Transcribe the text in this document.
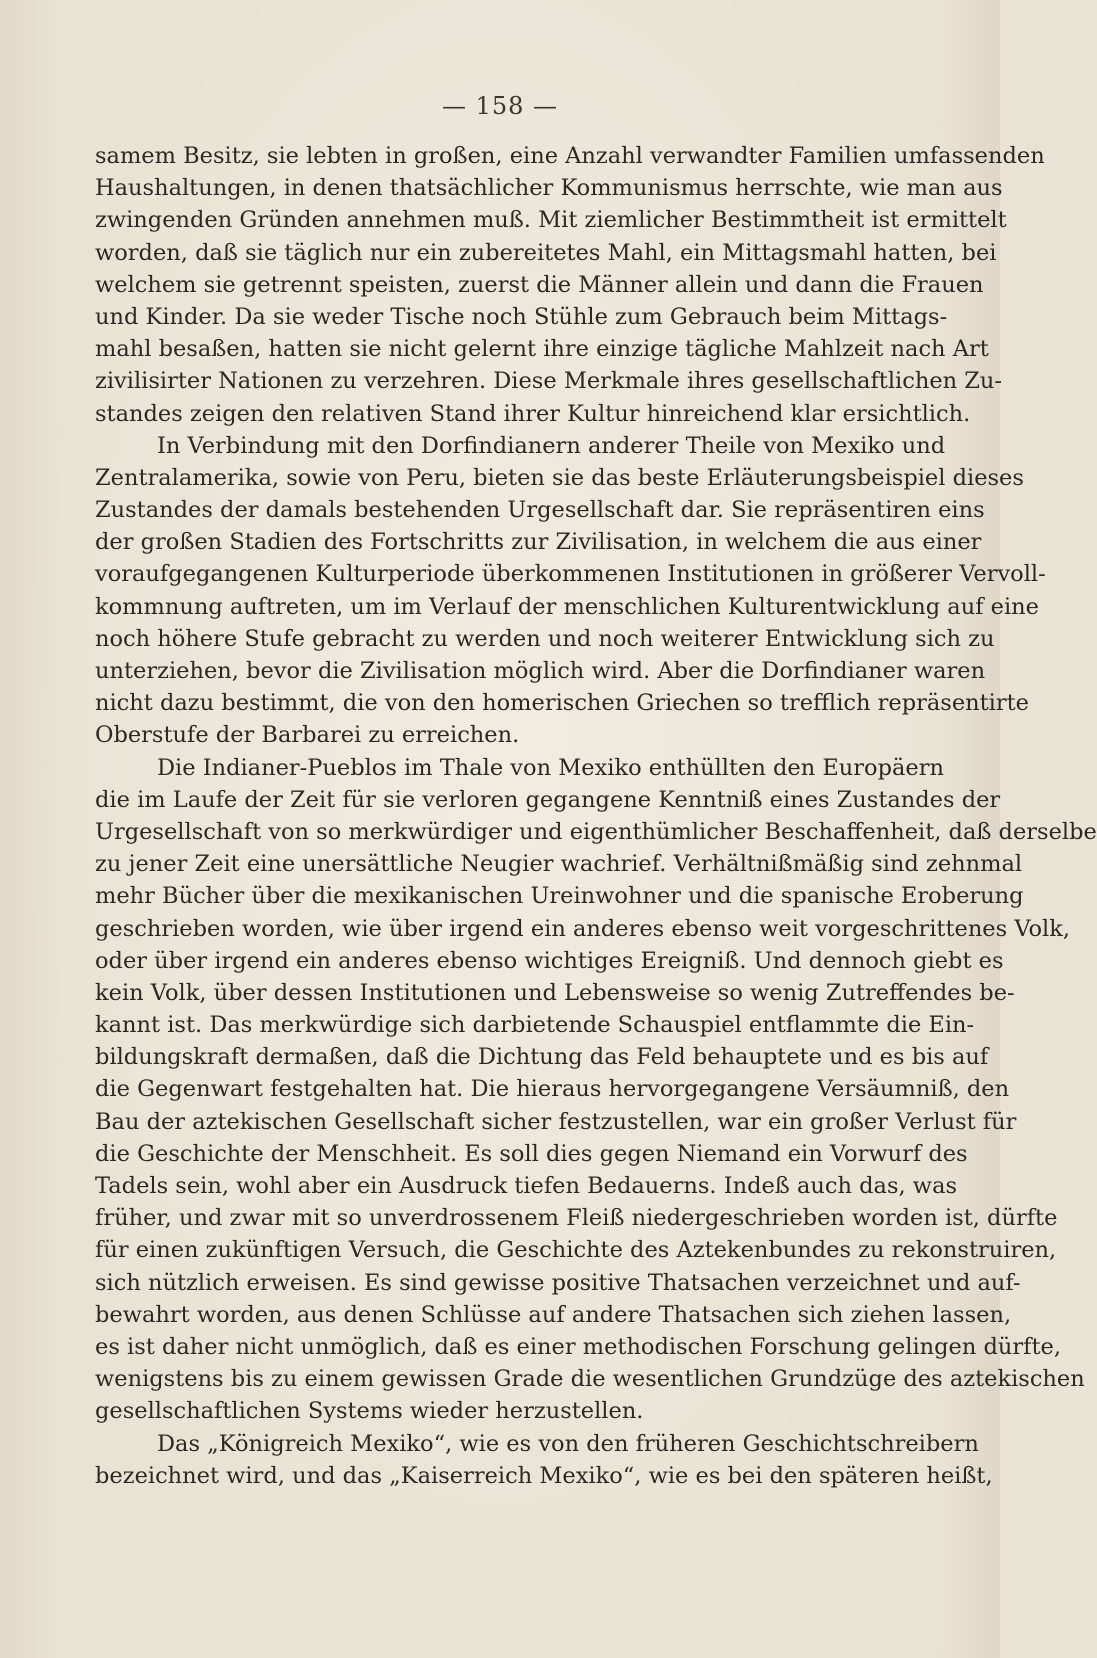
— 158 —
samem Besitz, sie lebten in großen, eine Anzahl verwandter Familien umfassenden
Haushaltungen, in denen thatsächlicher Kommunismus herrschte, wie man aus
zwingenden Gründen annehmen muß. Mit ziemlicher Bestimmtheit ist ermittelt
worden, daß sie täglich nur ein zubereitetes Mahl, ein Mittagsmahl hatten, bei
welchem sie getrennt speisten, zuerst die Männer allein und dann die Frauen
und Kinder. Da sie weder Tische noch Stühle zum Gebrauch beim Mittags-
mahl besaßen, hatten sie nicht gelernt ihre einzige tägliche Mahlzeit nach Art
zivilisirter Nationen zu verzehren. Diese Merkmale ihres gesellschaftlichen Zu-
standes zeigen den relativen Stand ihrer Kultur hinreichend klar ersichtlich.
In Verbindung mit den Dorfindianern anderer Theile von Mexiko und
Zentralamerika, sowie von Peru, bieten sie das beste Erläuterungsbeispiel dieses
Zustandes der damals bestehenden Urgesellschaft dar. Sie repräsentiren eins
der großen Stadien des Fortschritts zur Zivilisation, in welchem die aus einer
voraufgegangenen Kulturperiode überkommenen Institutionen in größerer Vervoll-
kommnung auftreten, um im Verlauf der menschlichen Kulturentwicklung auf eine
noch höhere Stufe gebracht zu werden und noch weiterer Entwicklung sich zu
unterziehen, bevor die Zivilisation möglich wird. Aber die Dorfindianer waren
nicht dazu bestimmt, die von den homerischen Griechen so trefflich repräsentirte
Oberstufe der Barbarei zu erreichen.
Die Indianer-Pueblos im Thale von Mexiko enthüllten den Europäern
die im Laufe der Zeit für sie verloren gegangene Kenntniß eines Zustandes der
Urgesellschaft von so merkwürdiger und eigenthümlicher Beschaffenheit, daß derselbe
zu jener Zeit eine unersättliche Neugier wachrief. Verhältnißmäßig sind zehnmal
mehr Bücher über die mexikanischen Ureinwohner und die spanische Eroberung
geschrieben worden, wie über irgend ein anderes ebenso weit vorgeschrittenes Volk,
oder über irgend ein anderes ebenso wichtiges Ereigniß. Und dennoch giebt es
kein Volk, über dessen Institutionen und Lebensweise so wenig Zutreffendes be-
kannt ist. Das merkwürdige sich darbietende Schauspiel entflammte die Ein-
bildungskraft dermaßen, daß die Dichtung das Feld behauptete und es bis auf
die Gegenwart festgehalten hat. Die hieraus hervorgegangene Versäumniß, den
Bau der aztekischen Gesellschaft sicher festzustellen, war ein großer Verlust für
die Geschichte der Menschheit. Es soll dies gegen Niemand ein Vorwurf des
Tadels sein, wohl aber ein Ausdruck tiefen Bedauerns. Indeß auch das, was
früher, und zwar mit so unverdrossenem Fleiß niedergeschrieben worden ist, dürfte
für einen zukünftigen Versuch, die Geschichte des Aztekenbundes zu rekonstruiren,
sich nützlich erweisen. Es sind gewisse positive Thatsachen verzeichnet und auf-
bewahrt worden, aus denen Schlüsse auf andere Thatsachen sich ziehen lassen,
es ist daher nicht unmöglich, daß es einer methodischen Forschung gelingen dürfte,
wenigstens bis zu einem gewissen Grade die wesentlichen Grundzüge des aztekischen
gesellschaftlichen Systems wieder herzustellen.
Das „Königreich Mexiko“, wie es von den früheren Geschichtschreibern
bezeichnet wird, und das „Kaiserreich Mexiko“, wie es bei den späteren heißt,
